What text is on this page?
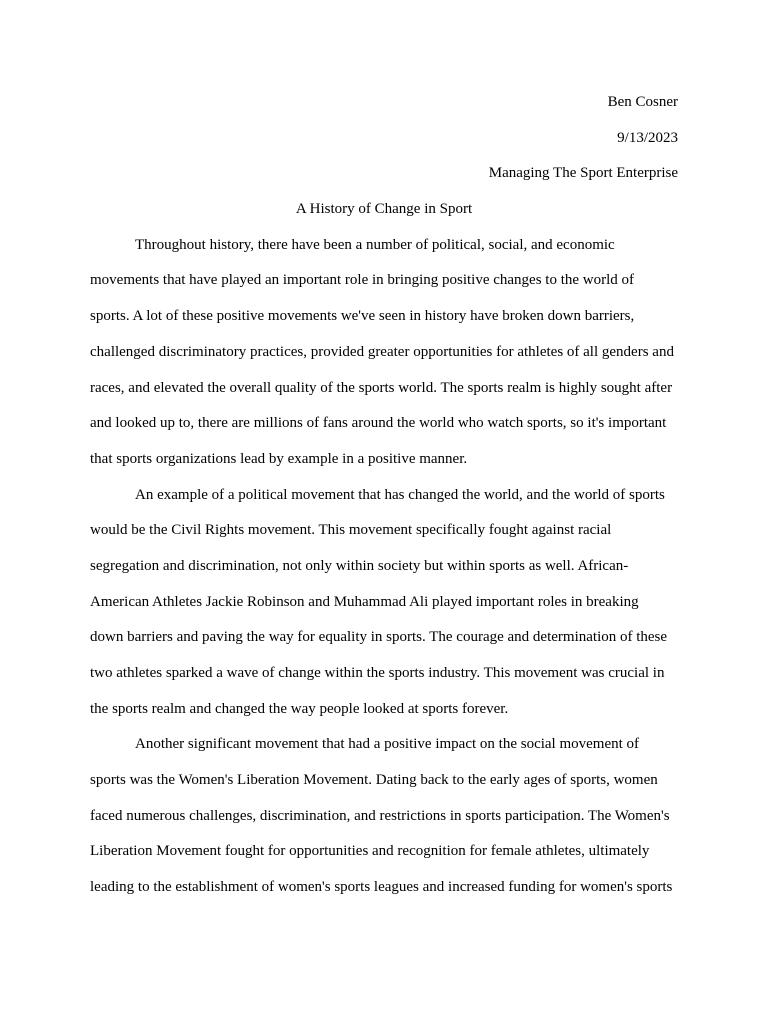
Ben Cosner
9/13/2023
Managing The Sport Enterprise
A History of Change in Sport
Throughout history, there have been a number of political, social, and economic
movements that have played an important role in bringing positive changes to the world of
sports. A lot of these positive movements we've seen in history have broken down barriers,
challenged discriminatory practices, provided greater opportunities for athletes of all genders and
races, and elevated the overall quality of the sports world. The sports realm is highly sought after
and looked up to, there are millions of fans around the world who watch sports, so it's important
that sports organizations lead by example in a positive manner.
An example of a political movement that has changed the world, and the world of sports
would be the Civil Rights movement. This movement specifically fought against racial
segregation and discrimination, not only within society but within sports as well. African-
American Athletes Jackie Robinson and Muhammad Ali played important roles in breaking
down barriers and paving the way for equality in sports. The courage and determination of these
two athletes sparked a wave of change within the sports industry. This movement was crucial in
the sports realm and changed the way people looked at sports forever.
Another significant movement that had a positive impact on the social movement of
sports was the Women's Liberation Movement. Dating back to the early ages of sports, women
faced numerous challenges, discrimination, and restrictions in sports participation. The Women's
Liberation Movement fought for opportunities and recognition for female athletes, ultimately
leading to the establishment of women's sports leagues and increased funding for women's sports
